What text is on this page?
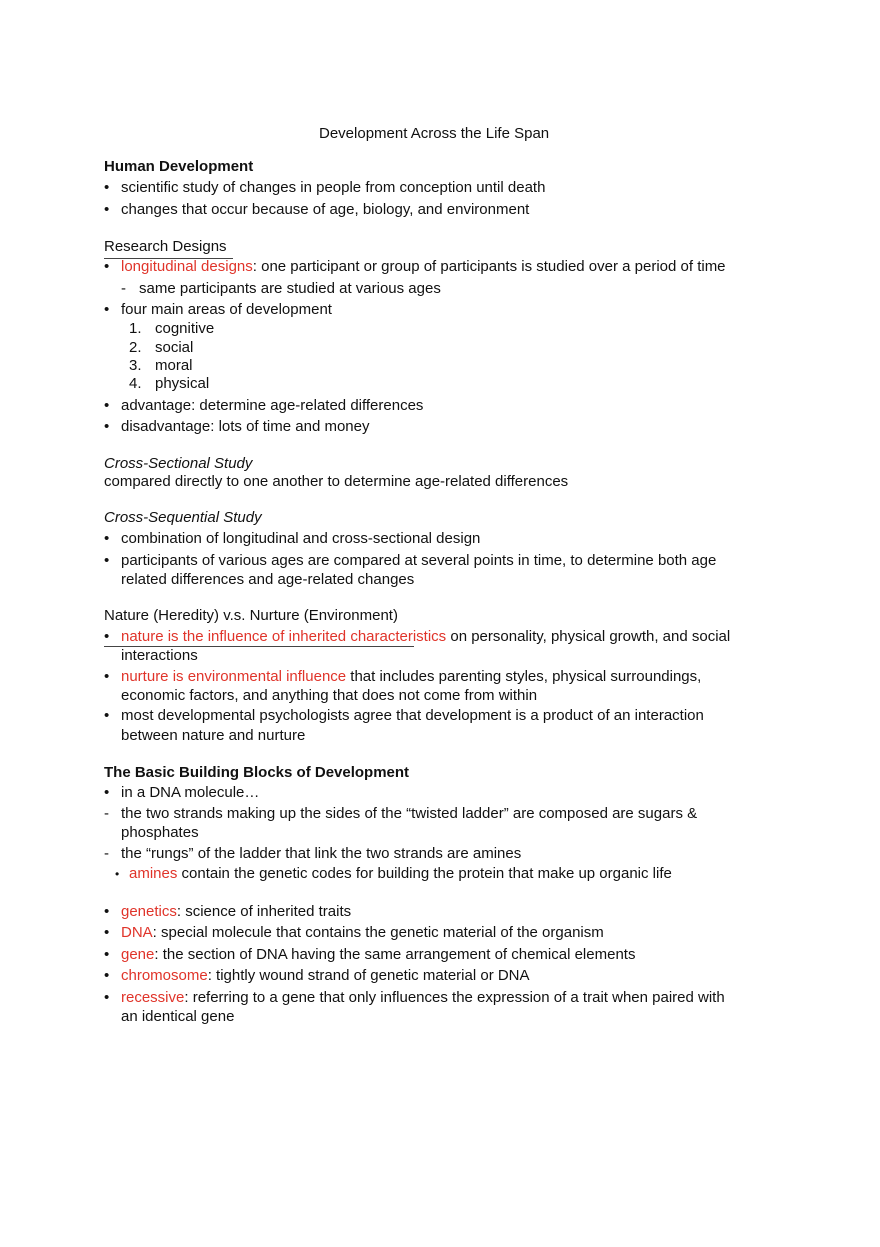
Development Across the Life Span
Human Development
• scientific study of changes in people from conception until death
• changes that occur because of age, biology, and environment
Research Designs
• longitudinal designs: one participant or group of participants is studied over a period of time
- same participants are studied at various ages
• four main areas of development
1. cognitive
2. social
3. moral
4. physical
• advantage: determine age-related differences
• disadvantage: lots of time and money
Cross-Sectional Study
compared directly to one another to determine age-related differences
Cross-Sequential Study
• combination of longitudinal and cross-sectional design
• participants of various ages are compared at several points in time, to determine both age
related differences and age-related changes
Nature (Heredity) v.s. Nurture (Environment)
• nature is the influence of inherited characteristics on personality, physical growth, and social
interactions
• nurture is environmental influence that includes parenting styles, physical surroundings,
economic factors, and anything that does not come from within
• most developmental psychologists agree that development is a product of an interaction
between nature and nurture
The Basic Building Blocks of Development
• in a DNA molecule…
- the two strands making up the sides of the “twisted ladder” are composed are sugars &
phosphates
- the “rungs” of the ladder that link the two strands are amines
• amines contain the genetic codes for building the protein that make up organic life
• genetics: science of inherited traits
• DNA: special molecule that contains the genetic material of the organism
• gene: the section of DNA having the same arrangement of chemical elements
• chromosome: tightly wound strand of genetic material or DNA
• recessive: referring to a gene that only influences the expression of a trait when paired with
an identical gene
